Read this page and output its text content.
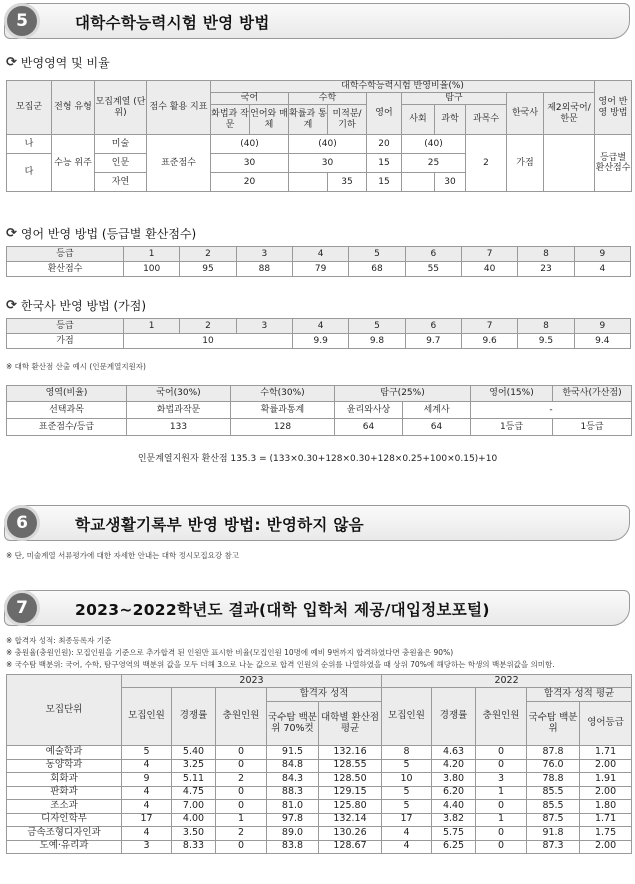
5	대학수학능력시험 반영 방법
⟳ 반영영역 및 비율
모집군	전형 유형	모집계열 (단위)	점수 활용 지표	대학수학능력시험 반영비율(%)										영어 반영 방법
				국어		수학		영어	탐구			한국사	제2외국어/ 한문	
				화법과 작문	언어와 매체	확률과 통계	미적분/ 기하		사회	과학	과목수			
나	수능 위주	미술	표준점수	(40)		(40)		20	(40)		2	가점		등급별 환산점수
다		인문		30		30		15	25					
		자연		20			35	15		30				
⟳ 영어 반영 방법 (등급별 환산점수)
등급	1	2	3	4	5	6	7	8	9
환산점수	100	95	88	79	68	55	40	23	4
⟳ 한국사 반영 방법 (가점)
등급	1	2	3	4	5	6	7	8	9
가점	10			9.9	9.8	9.7	9.6	9.5	9.4
※ 대학 환산점 산출 예시 (인문계열지원자)
영역(비율)	국어(30%)	수학(30%)	탐구(25%)		영어(15%)	한국사(가산점)
선택과목	화법과작문	확률과통계	윤리와사상	세계사	-	
표준점수/등급	133	128	64	64	1등급	1등급
인문계열지원자 환산점 135.3 = (133×0.30+128×0.30+128×0.25+100×0.15)+10
6	학교생활기록부 반영 방법: 반영하지 않음
※ 단, 미술계열 서류평가에 대한 자세한 안내는 대학 정시모집요강 참고
7	2023~2022학년도 결과(대학 입학처 제공/대입정보포털)
※ 합격자 성적: 최종등록자 기준
※ 충원율(충원인원): 모집인원을 기준으로 추가합격 된 인원만 표시한 비율(모집인원 10명에 예비 9번까지 합격하였다면 충원율은 90%)
※ 국수탐 백분위: 국어, 수학, 탐구영역의 백분위 값을 모두 더해 3으로 나눈 값으로 합격 인원의 순위를 나열하였을 때 상위 70%에 해당하는 학생의 백분위값을 의미함.
모집단위	2023					2022				
	모집인원	경쟁률	충원인원	합격자 성적		모집인원	경쟁률	충원인원	합격자 성적 평균	
				국수탐 백분위 70%컷	대학별 환산점평균				국수탐 백분위	영어등급
예술학과	5	5.40	0	91.5	132.16	8	4.63	0	87.8	1.71
동양학과	4	3.25	0	84.8	128.55	5	4.20	0	76.0	2.00
회화과	9	5.11	2	84.3	128.50	10	3.80	3	78.8	1.91
판화과	4	4.75	0	88.3	129.15	5	6.20	1	85.5	2.00
조소과	4	7.00	0	81.0	125.80	5	4.40	0	85.5	1.80
디자인학부	17	4.00	1	97.8	132.14	17	3.82	1	87.5	1.71
금속조형디자인과	4	3.50	2	89.0	130.26	4	5.75	0	91.8	1.75
도예·유리과	3	8.33	0	83.8	128.67	4	6.25	0	87.3	2.00
